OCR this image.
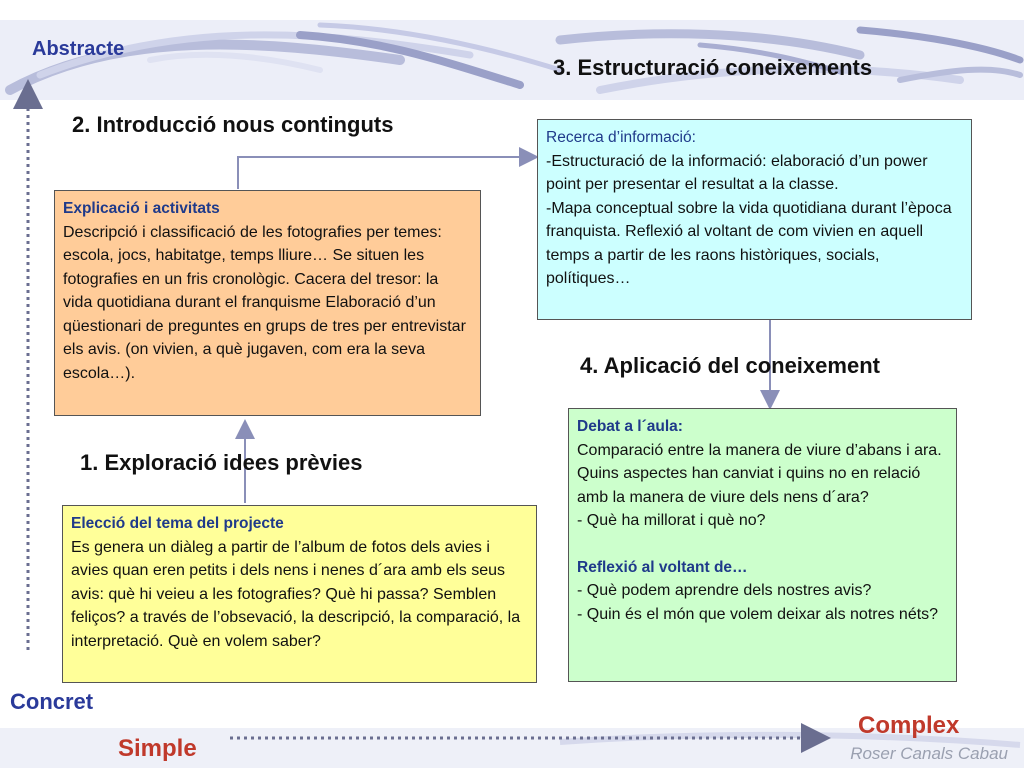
Abstracte
Concret
Simple
Complex
3. Estructuració coneixements
2. Introducció nous continguts
4. Aplicació del coneixement
1. Exploració idees prèvies
Explicació i activitats

Descripció i classificació de les fotografies per temes: escola, jocs, habitatge, temps lliure… Se situen les fotografies en un fris cronològic. Cacera del tresor: la vida quotidiana durant el franquisme Elaboració d’un qüestionari de preguntes en grups de tres per entrevistar els avis. (on vivien, a què jugaven, com era la seva escola…).

Recerca d’informació:

-Estructuració de la informació: elaboració d’un power point per presentar el resultat a la classe.
-Mapa conceptual sobre la vida quotidiana durant l’època franquista. Reflexió al voltant de com vivien en aquell temps a partir de les raons històriques, socials, polítiques…

Debat a l´aula:

Comparació entre la manera de viure d’abans i ara. Quins aspectes han canviat i quins no en relació amb la manera de viure dels nens d´ara?
- Què ha millorat i què no?

Reflexió al voltant de…

- Què podem aprendre dels nostres avis?
- Quin és el món que volem deixar als notres néts?

Elecció del tema del projecte

Es genera un diàleg a partir de l’album de fotos dels avies i avies quan eren petits i dels nens i nenes d´ara amb els seus avis: què hi veieu a les fotografies? Què hi passa? Semblen feliços? a través de l’obsevació, la descripció, la comparació, la interpretació. Què en volem saber?

Roser Canals Cabau
